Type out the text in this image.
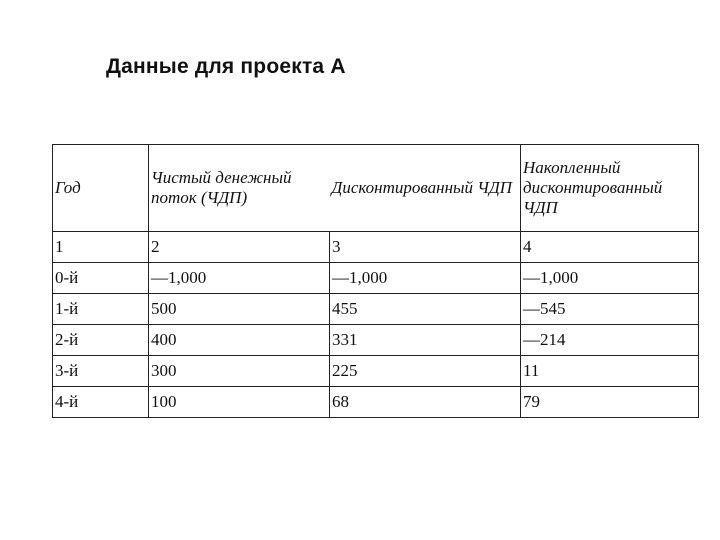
Данные для проекта А
Год	Чистый денежный поток (ЧДП)	Дисконтированный ЧДП	Накопленный дисконтированный ЧДП
1	2	3	4
0-й	—1,000	—1,000	—1,000
1-й	500	455	—545
2-й	400	331	—214
3-й	300	225	11
4-й	100	68	79
